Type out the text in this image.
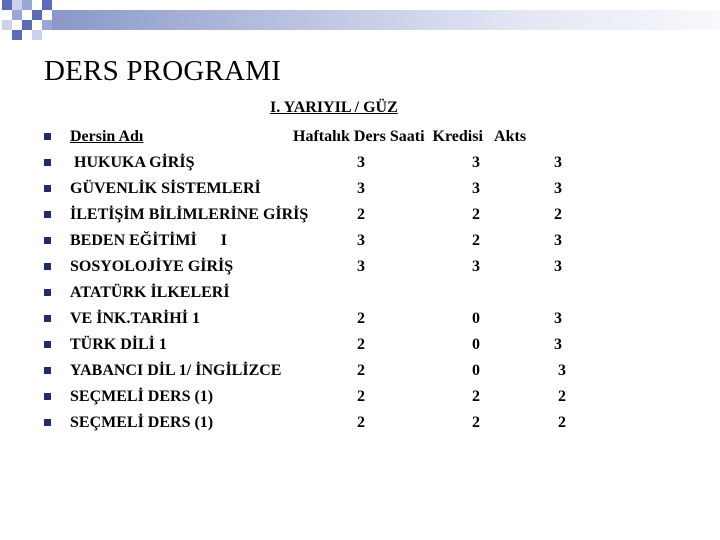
DERS PROGRAMI
I. YARIYIL / GÜZ
Dersin Adı	Haftalık Ders Saati  Kredisi   Akts
HUKUKA GİRİŞ	3	3	3
GÜVENLİK SİSTEMLERİ	3	3	3
İLETİŞİM BİLİMLERİNE GİRİŞ	2	2	2
BEDEN EĞİTİMİ      I	3	2	3
SOSYOLOJİYE GİRİŞ	3	3	3
ATATÜRK İLKELERİ
VE İNK.TARİHİ 1	2	0	3
TÜRK DİLİ 1	2	0	3
YABANCI DİL 1/ İNGİLİZCE	2	0	3
SEÇMELİ DERS (1)	2	2	2
SEÇMELİ DERS (1)	2	2	2
